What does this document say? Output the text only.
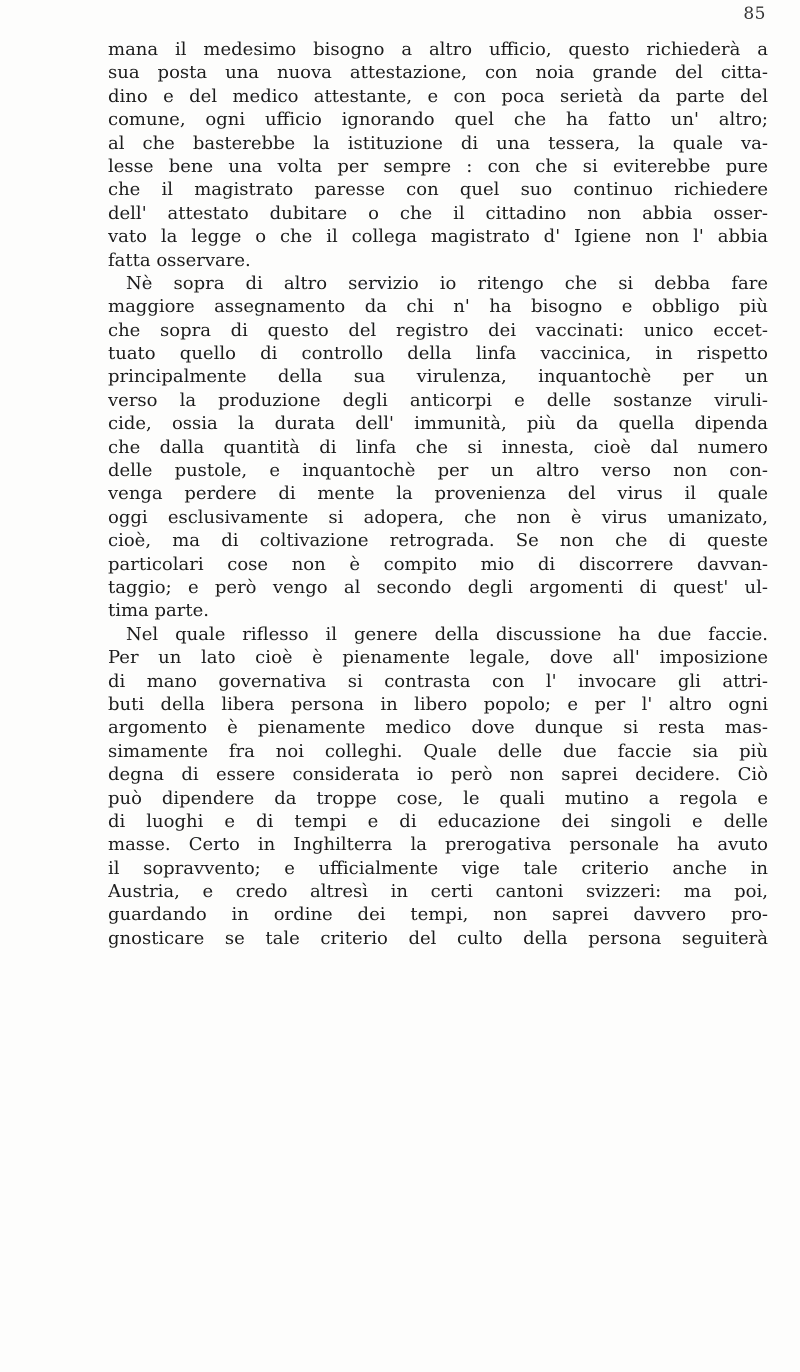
85
mana il medesimo bisogno a altro ufficio, questo richiederà a
sua posta una nuova attestazione, con noia grande del citta-
dino e del medico attestante, e con poca serietà da parte del
comune, ogni ufficio ignorando quel che ha fatto un' altro;
al che basterebbe la istituzione di una tessera, la quale va-
lesse bene una volta per sempre : con che si eviterebbe pure
che il magistrato paresse con quel suo continuo richiedere
dell' attestato dubitare o che il cittadino non abbia osser-
vato la legge o che il collega magistrato d' Igiene non l' abbia
fatta osservare.
Nè sopra di altro servizio io ritengo che si debba fare
maggiore assegnamento da chi n' ha bisogno e obbligo più
che sopra di questo del registro dei vaccinati: unico eccet-
tuato quello di controllo della linfa vaccinica, in rispetto
principalmente della sua virulenza, inquantochè per un
verso la produzione degli anticorpi e delle sostanze viruli-
cide, ossia la durata dell' immunità, più da quella dipenda
che dalla quantità di linfa che si innesta, cioè dal numero
delle pustole, e inquantochè per un altro verso non con-
venga perdere di mente la provenienza del virus il quale
oggi esclusivamente si adopera, che non è virus umanizato,
cioè, ma di coltivazione retrograda. Se non che di queste
particolari cose non è compito mio di discorrere davvan-
taggio; e però vengo al secondo degli argomenti di quest' ul-
tima parte.
Nel quale riflesso il genere della discussione ha due faccie.
Per un lato cioè è pienamente legale, dove all' imposizione
di mano governativa si contrasta con l' invocare gli attri-
buti della libera persona in libero popolo; e per l' altro ogni
argomento è pienamente medico dove dunque si resta mas-
simamente fra noi colleghi. Quale delle due faccie sia più
degna di essere considerata io però non saprei decidere. Ciò
può dipendere da troppe cose, le quali mutino a regola e
di luoghi e di tempi e di educazione dei singoli e delle
masse. Certo in Inghilterra la prerogativa personale ha avuto
il sopravvento; e ufficialmente vige tale criterio anche in
Austria, e credo altresì in certi cantoni svizzeri: ma poi,
guardando in ordine dei tempi, non saprei davvero pro-
gnosticare se tale criterio del culto della persona seguiterà
